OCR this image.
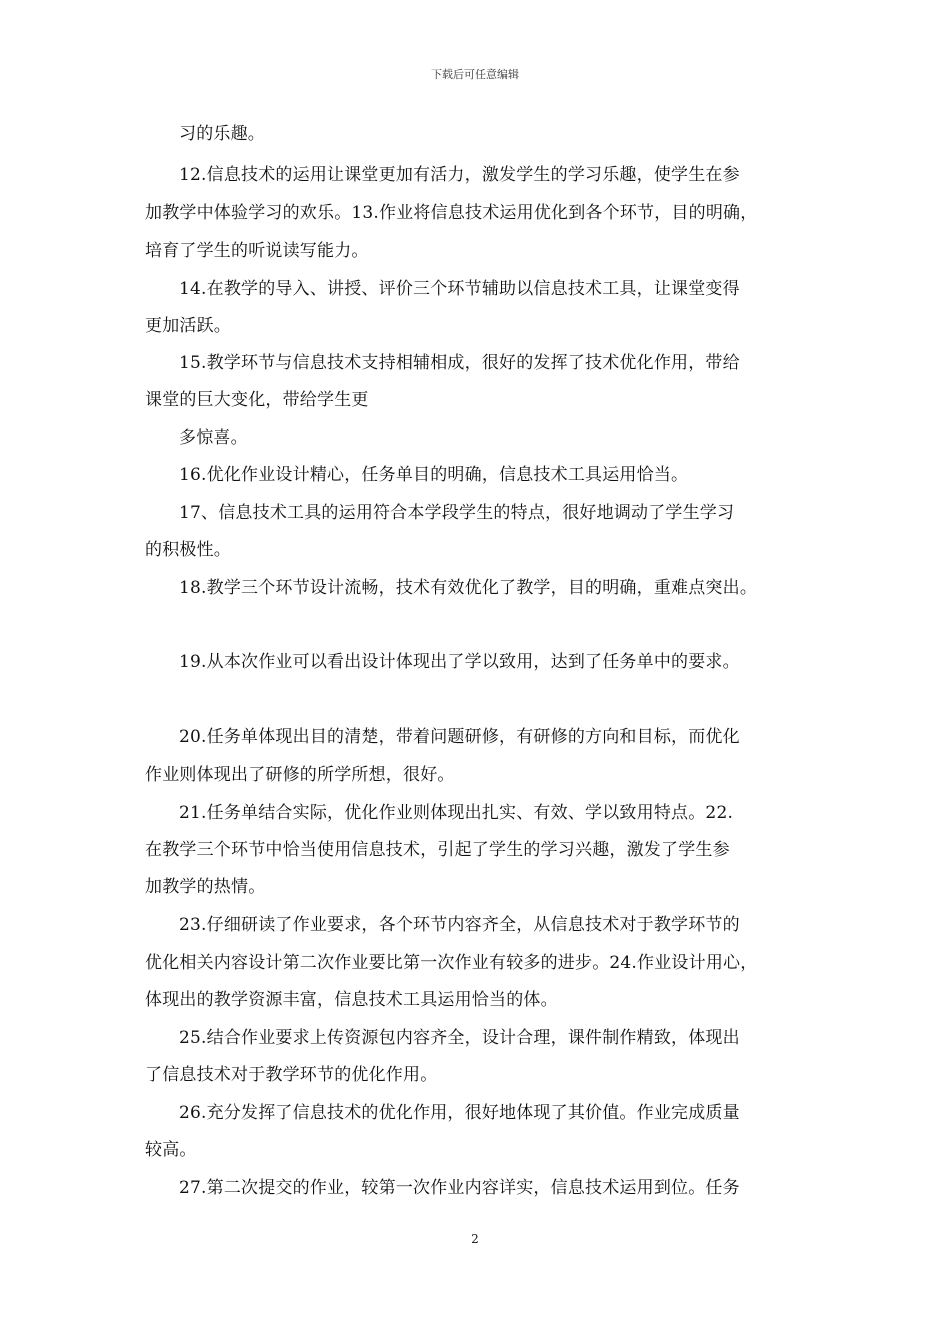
下载后可任意编辑
习的乐趣。
12.信息技术的运用让课堂更加有活力，激发学生的学习乐趣，使学生在参
加教学中体验学习的欢乐。13.作业将信息技术运用优化到各个环节，目的明确，
培育了学生的听说读写能力。
14.在教学的导入、讲授、评价三个环节辅助以信息技术工具，让课堂变得
更加活跃。
15.教学环节与信息技术支持相辅相成，很好的发挥了技术优化作用，带给
课堂的巨大变化，带给学生更
多惊喜。
16.优化作业设计精心，任务单目的明确，信息技术工具运用恰当。
17、信息技术工具的运用符合本学段学生的特点，很好地调动了学生学习
的积极性。
18.教学三个环节设计流畅，技术有效优化了教学，目的明确，重难点突出。
19.从本次作业可以看出设计体现出了学以致用，达到了任务单中的要求。
20.任务单体现出目的清楚，带着问题研修，有研修的方向和目标，而优化
作业则体现出了研修的所学所想，很好。
21.任务单结合实际，优化作业则体现出扎实、有效、学以致用特点。22.
在教学三个环节中恰当使用信息技术，引起了学生的学习兴趣，激发了学生参
加教学的热情。
23.仔细研读了作业要求，各个环节内容齐全，从信息技术对于教学环节的
优化相关内容设计第二次作业要比第一次作业有较多的进步。24.作业设计用心，
体现出的教学资源丰富，信息技术工具运用恰当的体。
25.结合作业要求上传资源包内容齐全，设计合理，课件制作精致，体现出
了信息技术对于教学环节的优化作用。
26.充分发挥了信息技术的优化作用，很好地体现了其价值。作业完成质量
较高。
27.第二次提交的作业，较第一次作业内容详实，信息技术运用到位。任务
2
